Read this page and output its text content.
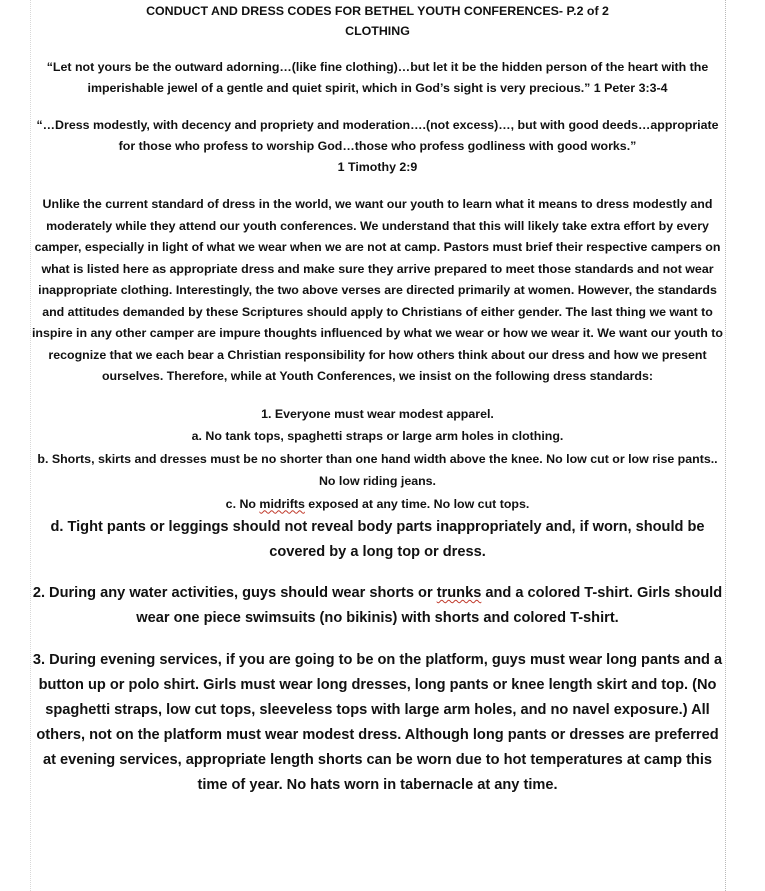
CONDUCT AND DRESS CODES FOR BETHEL YOUTH CONFERENCES- P.2 of 2

CLOTHING

“Let not yours be the outward adorning…(like fine clothing)…but let it be the hidden person of the heart with the imperishable jewel of a gentle and quiet spirit, which in God’s sight is very precious.” 1 Peter 3:3-4

“…Dress modestly, with decency and propriety and moderation….(not excess)…, but with good deeds…appropriate for those who profess to worship God…those who profess godliness with good works.”
1 Timothy 2:9

Unlike the current standard of dress in the world, we want our youth to learn what it means to dress modestly and moderately while they attend our youth conferences. We understand that this will likely take extra effort by every camper, especially in light of what we wear when we are not at camp. Pastors must brief their respective campers on what is listed here as appropriate dress and make sure they arrive prepared to meet those standards and not wear inappropriate clothing. Interestingly, the two above verses are directed primarily at women. However, the standards and attitudes demanded by these Scriptures should apply to Christians of either gender. The last thing we want to inspire in any other camper are impure thoughts influenced by what we wear or how we wear it. We want our youth to recognize that we each bear a Christian responsibility for how others think about our dress and how we present ourselves. Therefore, while at Youth Conferences, we insist on the following dress standards:

1. Everyone must wear modest apparel.
a. No tank tops, spaghetti straps or large arm holes in clothing.
b. Shorts, skirts and dresses must be no shorter than one hand width above the knee. No low cut or low rise pants.. No low riding jeans.
c. No midrifts exposed at any time. No low cut tops.

d. Tight pants or leggings should not reveal body parts inappropriately and, if worn, should be covered by a long top or dress.

2. During any water activities, guys should wear shorts or trunks and a colored T-shirt. Girls should wear one piece swimsuits (no bikinis) with shorts and colored T-shirt.

3. During evening services, if you are going to be on the platform, guys must wear long pants and a button up or polo shirt. Girls must wear long dresses, long pants or knee length skirt and top. (No spaghetti straps, low cut tops, sleeveless tops with large arm holes, and no navel exposure.) All others, not on the platform must wear modest dress. Although long pants or dresses are preferred at evening services, appropriate length shorts can be worn due to hot temperatures at camp this time of year. No hats worn in tabernacle at any time.
